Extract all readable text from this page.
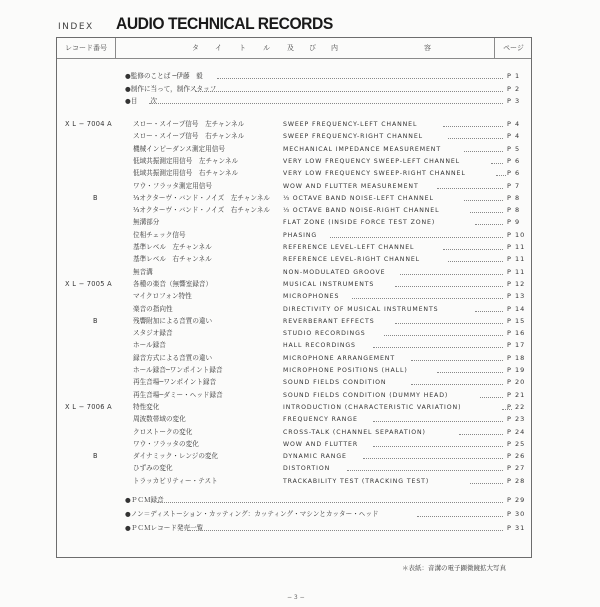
INDEX AUDIO TECHNICAL RECORDS
レコード番号	タ イ ト ル 及 び 内	容	ページ
●監修のことば ─伊藤　毅	P 1
●制作に当って，制作スタッフ	P 2
●目　　次	P 3
X L − 7004 A	スロー・スイープ信号　左チャンネル	SWEEP FREQUENCY-LEFT CHANNEL	P 4
スロー・スイープ信号　右チャンネル	SWEEP FREQUENCY-RIGHT CHANNEL	P 4
機械インピーダンス測定用信号	MECHANICAL IMPEDANCE MEASUREMENT	P 5
低域共振測定用信号　左チャンネル	VERY LOW FREQUENCY SWEEP-LEFT CHANNEL	P 6
低域共振測定用信号　右チャンネル	VERY LOW FREQUENCY SWEEP-RIGHT CHANNEL	P 6
ワウ・フラッタ測定用信号	WOW AND FLUTTER MEASUREMENT	P 7
B	⅓オクターヴ・バンド・ノイズ　左チャンネル ⅓ OCTAVE BAND NOISE-LEFT CHANNEL	P 8
⅓オクターヴ・バンド・ノイズ　右チャンネル ⅓ OCTAVE BAND NOISE-RIGHT CHANNEL	P 8
無溝部分	FLAT ZONE (INSIDE FORCE TEST ZONE)	P 9
位相チェック信号	PHASING	P 10
基準レベル　左チャンネル	REFERENCE LEVEL-LEFT CHANNEL	P 11
基準レベル　右チャンネル	REFERENCE LEVEL-RIGHT CHANNEL	P 11
無音溝	NON-MODULATED GROOVE	P 11
X L − 7005 A	各種の楽音（無響室録音）	MUSICAL INSTRUMENTS	P 12
マイクロフォン特性	MICROPHONES	P 13
楽音の指向性	DIRECTIVITY OF MUSICAL INSTRUMENTS	P 14
B	残響附加による音質の違い	REVERBERANT EFFECTS	P 15
スタジオ録音	STUDIO RECORDINGS	P 16
ホール録音	HALL RECORDINGS	P 17
録音方式による音質の違い	MICROPHONE ARRANGEMENT	P 18
ホール録音─ワンポイント録音	MICROPHONE POSITIONS (HALL)	P 19
再生音場─ワンポイント録音	SOUND FIELDS CONDITION	P 20
再生音場─ダミー・ヘッド録音	SOUND FIELDS CONDITION (DUMMY HEAD)	P 21
X L − 7006 A	特性変化	INTRODUCTION (CHARACTERISTIC VARIATION)	P 22
周波数帯域の変化	FREQUENCY RANGE	P 23
クロストークの変化	CROSS-TALK (CHANNEL SEPARATION)	P 24
ワウ・フラッタの変化	WOW AND FLUTTER	P 25
B	ダイナミック・レンジの変化	DYNAMIC RANGE	P 26
ひずみの変化	DISTORTION	P 27
トラッカビリティー・テスト	TRACKABILITY TEST (TRACKING TEST)	P 28
●ＰＣＭ録音	P 29
●ノン＝ディストーション・カッティング：カッティング・マシンとカッター・ヘッド	P 30
●ＰＣＭレコード発売一覧	P 31
＊表紙：音溝の電子顕微鏡拡大写真
− 3 −
